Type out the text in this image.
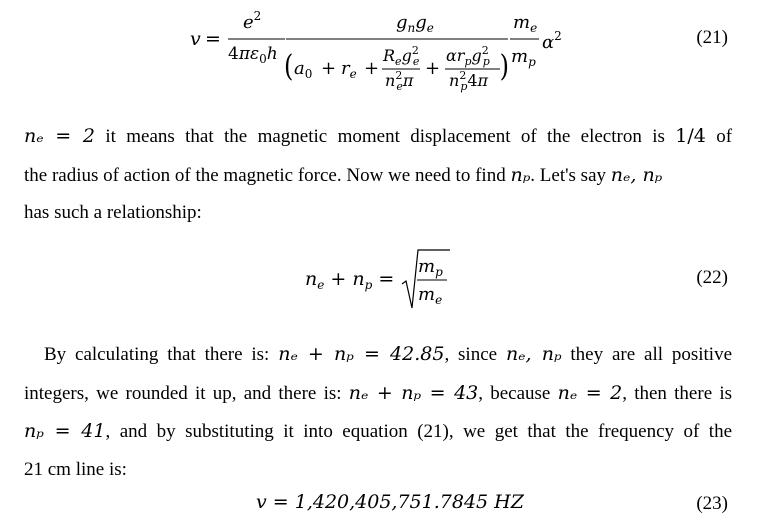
v =
$e^2$
$4\pi\varepsilon_0h$
$g_ng_e$
( $a_0 + r_e$ +
$R_eg^2$ e
$n^2$ eπ
+
$\alpha r_pg^2$ p
$n^2$ p4π )
$m_e$
$m_p$
$\alpha^2$	(21)
nₑ = 2 it means that the magnetic moment displacement of the electron is 1/4 of
the radius of action of the magnetic force. Now we need to find nₚ. Let's say nₑ, nₚ
has such a relationship:
$n_e + n_p$ =
$m_p$
$m_e$
(22)
By calculating that there is: nₑ + nₚ = 42.85, since nₑ, nₚ they are all positive
integers, we rounded it up, and there is: nₑ + nₚ = 43, because nₑ = 2, then there is
nₚ = 41, and by substituting it into equation (21), we get that the frequency of the
21 cm line is:
v = 1,420,405,751.7845 HZ	(23)
